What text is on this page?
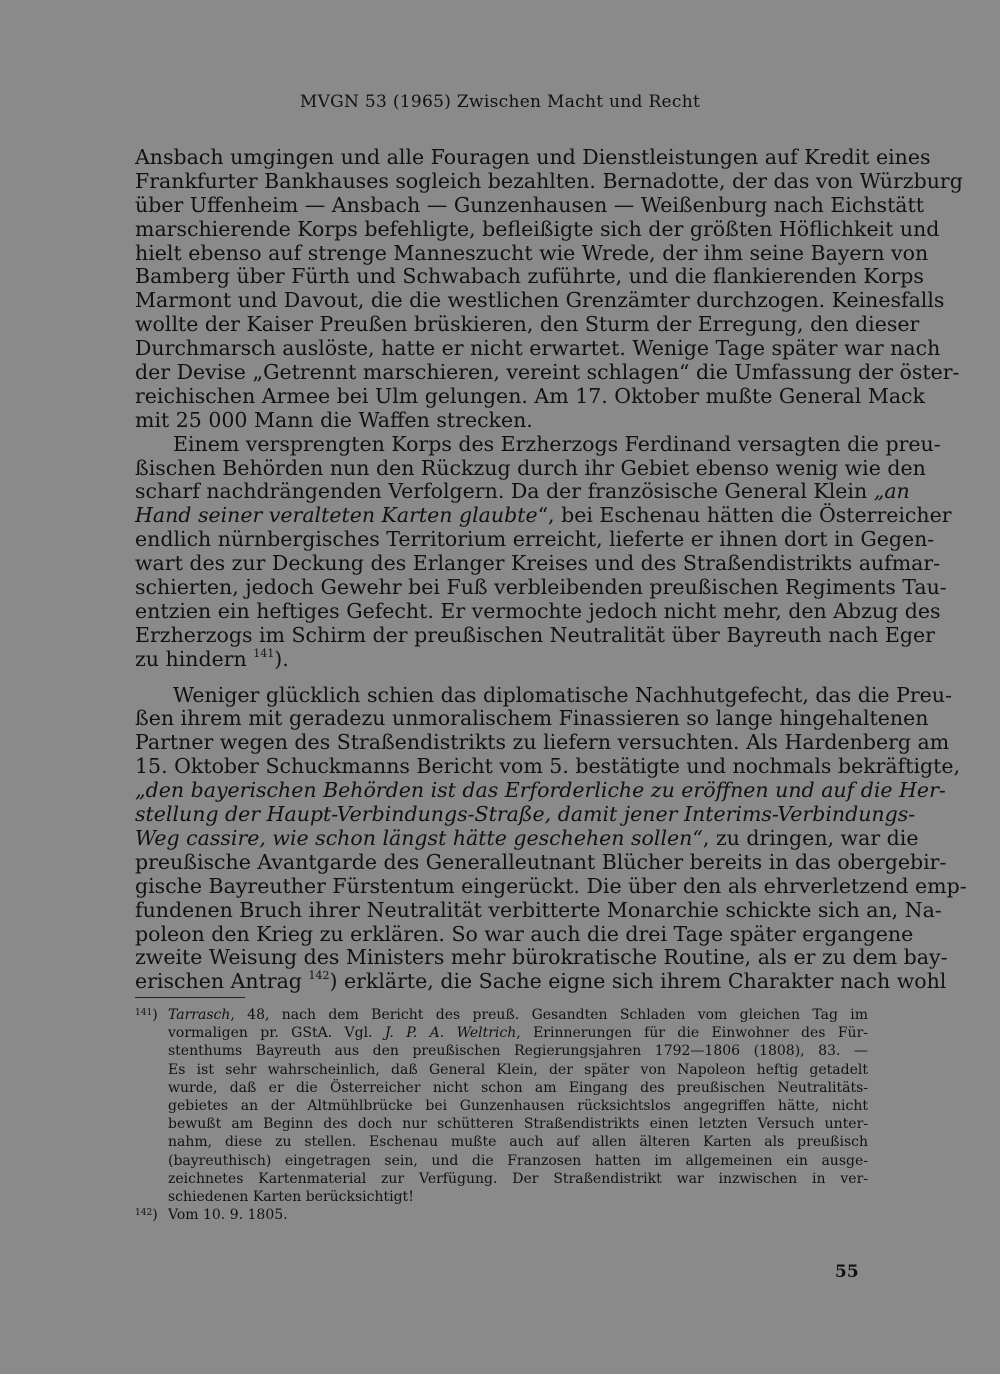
MVGN 53 (1965) Zwischen Macht und Recht
Ansbach umgingen und alle Fouragen und Dienstleistungen auf Kredit eines
Frankfurter Bankhauses sogleich bezahlten. Bernadotte, der das von Würzburg
über Uffenheim — Ansbach — Gunzenhausen — Weißenburg nach Eichstätt
marschierende Korps befehligte, befleißigte sich der größten Höflichkeit und
hielt ebenso auf strenge Manneszucht wie Wrede, der ihm seine Bayern von
Bamberg über Fürth und Schwabach zuführte, und die flankierenden Korps
Marmont und Davout, die die westlichen Grenzämter durchzogen. Keinesfalls
wollte der Kaiser Preußen brüskieren, den Sturm der Erregung, den dieser
Durchmarsch auslöste, hatte er nicht erwartet. Wenige Tage später war nach
der Devise „Getrennt marschieren, vereint schlagen“ die Umfassung der öster-
reichischen Armee bei Ulm gelungen. Am 17. Oktober mußte General Mack
mit 25 000 Mann die Waffen strecken.
Einem versprengten Korps des Erzherzogs Ferdinand versagten die preu-
ßischen Behörden nun den Rückzug durch ihr Gebiet ebenso wenig wie den
scharf nachdrängenden Verfolgern. Da der französische General Klein „an
Hand seiner veralteten Karten glaubte“, bei Eschenau hätten die Österreicher
endlich nürnbergisches Territorium erreicht, lieferte er ihnen dort in Gegen-
wart des zur Deckung des Erlanger Kreises und des Straßendistrikts aufmar-
schierten, jedoch Gewehr bei Fuß verbleibenden preußischen Regiments Tau-
entzien ein heftiges Gefecht. Er vermochte jedoch nicht mehr, den Abzug des
Erzherzogs im Schirm der preußischen Neutralität über Bayreuth nach Eger
zu hindern $^{141}$).
Weniger glücklich schien das diplomatische Nachhutgefecht, das die Preu-
ßen ihrem mit geradezu unmoralischem Finassieren so lange hingehaltenen
Partner wegen des Straßendistrikts zu liefern versuchten. Als Hardenberg am
15. Oktober Schuckmanns Bericht vom 5. bestätigte und nochmals bekräftigte,
„den bayerischen Behörden ist das Erforderliche zu eröffnen und auf die Her-
stellung der Haupt-Verbindungs-Straße, damit jener Interims-Verbindungs-
Weg cassire, wie schon längst hätte geschehen sollen“, zu dringen, war die
preußische Avantgarde des Generalleutnant Blücher bereits in das obergebir-
gische Bayreuther Fürstentum eingerückt. Die über den als ehrverletzend emp-
fundenen Bruch ihrer Neutralität verbitterte Monarchie schickte sich an, Na-
poleon den Krieg zu erklären. So war auch die drei Tage später ergangene
zweite Weisung des Ministers mehr bürokratische Routine, als er zu dem bay-
erischen Antrag $^{142}$) erklärte, die Sache eigne sich ihrem Charakter nach wohl
$^{141}$) Tarrasch, 48, nach dem Bericht des preuß. Gesandten Schladen vom gleichen Tag im
vormaligen pr. GStA. Vgl. J. P. A. Weltrich, Erinnerungen für die Einwohner des Für-
stenthums Bayreuth aus den preußischen Regierungsjahren 1792—1806 (1808), 83. —
Es ist sehr wahrscheinlich, daß General Klein, der später von Napoleon heftig getadelt
wurde, daß er die Österreicher nicht schon am Eingang des preußischen Neutralitäts-
gebietes an der Altmühlbrücke bei Gunzenhausen rücksichtslos angegriffen hätte, nicht
bewußt am Beginn des doch nur schütteren Straßendistrikts einen letzten Versuch unter-
nahm, diese zu stellen. Eschenau mußte auch auf allen älteren Karten als preußisch
(bayreuthisch) eingetragen sein, und die Franzosen hatten im allgemeinen ein ausge-
zeichnetes Kartenmaterial zur Verfügung. Der Straßendistrikt war inzwischen in ver-
schiedenen Karten berücksichtigt!
$^{142}$) Vom 10. 9. 1805.
55
